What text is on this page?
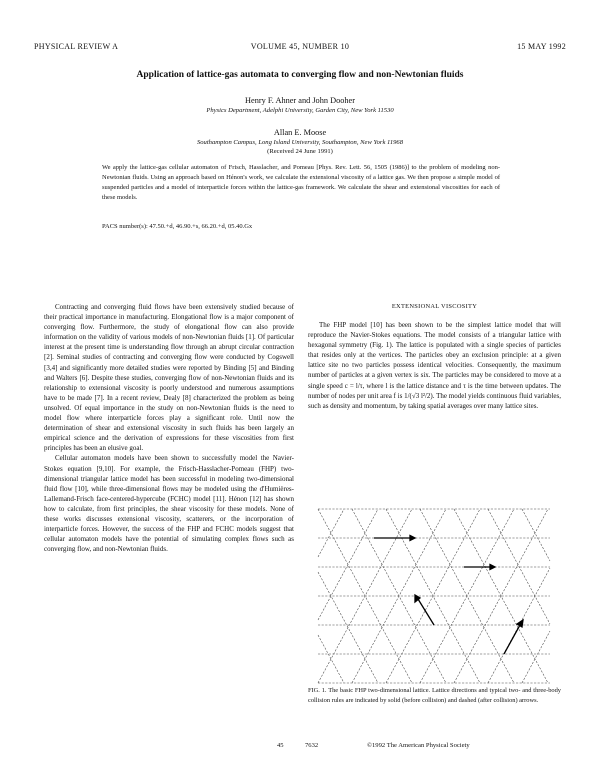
PHYSICAL REVIEW A	VOLUME 45, NUMBER 10	15 MAY 1992
Application of lattice-gas automata to converging flow and non-Newtonian fluids
Henry F. Ahner and John Dooher
Physics Department, Adelphi University, Garden City, New York 11530
Allan E. Moose
Southampton Campus, Long Island University, Southampton, New York 11968
(Received 24 June 1991)
We apply the lattice-gas cellular automaton of Frisch, Hasslacher, and Pomeau [Phys. Rev. Lett. 56, 1505 (1986)] to the problem of modeling non-Newtonian fluids. Using an approach based on Hénon's work, we calculate the extensional viscosity of a lattice gas. We then propose a simple model of suspended particles and a model of interparticle forces within the lattice-gas framework. We calculate the shear and extensional viscosities for each of these models.
PACS number(s): 47.50.+d, 46.90.+s, 66.20.+d, 05.40.Gx

Contracting and converging fluid flows have been extensively studied because of their practical importance in manufacturing. Elongational flow is a major component of converging flow. Furthermore, the study of elongational flow can also provide information on the validity of various models of non-Newtonian fluids [1]. Of particular interest at the present time is understanding flow through an abrupt circular contraction [2]. Seminal studies of contracting and converging flow were conducted by Cogswell [3,4] and significantly more detailed studies were reported by Binding [5] and Binding and Walters [6]. Despite these studies, converging flow of non-Newtonian fluids and its relationship to extensional viscosity is poorly understood and numerous assumptions have to be made [7]. In a recent review, Dealy [8] characterized the problem as being unsolved. Of equal importance in the study on non-Newtonian fluids is the need to model flow where interparticle forces play a significant role. Until now the determination of shear and extensional viscosity in such fluids has been largely an empirical science and the derivation of expressions for these viscosities from first principles has been an elusive goal.

Cellular automaton models have been shown to successfully model the Navier-Stokes equation [9,10]. For example, the Frisch-Hasslacher-Pomeau (FHP) two-dimensional triangular lattice model has been successful in modeling two-dimensional fluid flow [10], while three-dimensional flows may be modeled using the d'Humières-Lallemand-Frisch face-centered-hypercube (FCHC) model [11]. Hénon [12] has shown how to calculate, from first principles, the shear viscosity for these models. None of these works discusses extensional viscosity, scatterers, or the incorporation of interparticle forces. However, the success of the FHP and FCHC models suggest that cellular automaton models have the potential of simulating complex flows such as converging flow, and non-Newtonian fluids.

EXTENSIONAL VISCOSITY

The FHP model [10] has been shown to be the simplest lattice model that will reproduce the Navier-Stokes equations. The model consists of a triangular lattice with hexagonal symmetry (Fig. 1). The lattice is populated with a single species of particles that resides only at the vertices. The particles obey an exclusion principle: at a given lattice site no two particles possess identical velocities. Consequently, the maximum number of particles at a given vertex is six. The particles may be considered to move at a single speed c = l/τ, where l is the lattice distance and τ is the time between updates. The number of nodes per unit area f is 1/(√3 l²/2). The model yields continuous fluid variables, such as density and momentum, by taking spatial averages over many lattice sites.

FIG. 1. The basic FHP two-dimensional lattice. Lattice directions and typical two- and three-body collision rules are indicated by solid (before collision) and dashed (after collision) arrows.
45	7632	©1992 The American Physical Society
